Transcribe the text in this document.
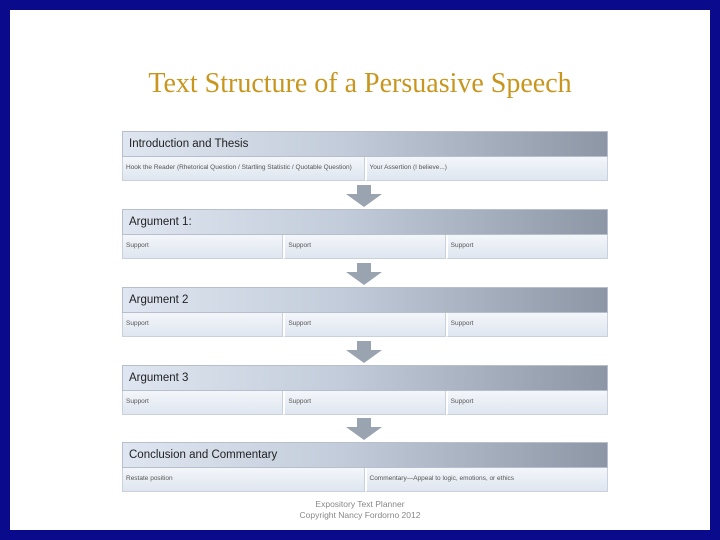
Text Structure of a Persuasive Speech
Introduction and Thesis
Hook the Reader (Rhetorical Question / Startling Statistic / Quotable Question)	Your Assertion (I believe...)
Argument 1:
Support	Support	Support
Argument 2
Support	Support	Support
Argument 3
Support	Support	Support
Conclusion and Commentary
Restate position	Commentary—Appeal to logic, emotions, or ethics
Expository Text Planner
Copyright Nancy Fordorno 2012
